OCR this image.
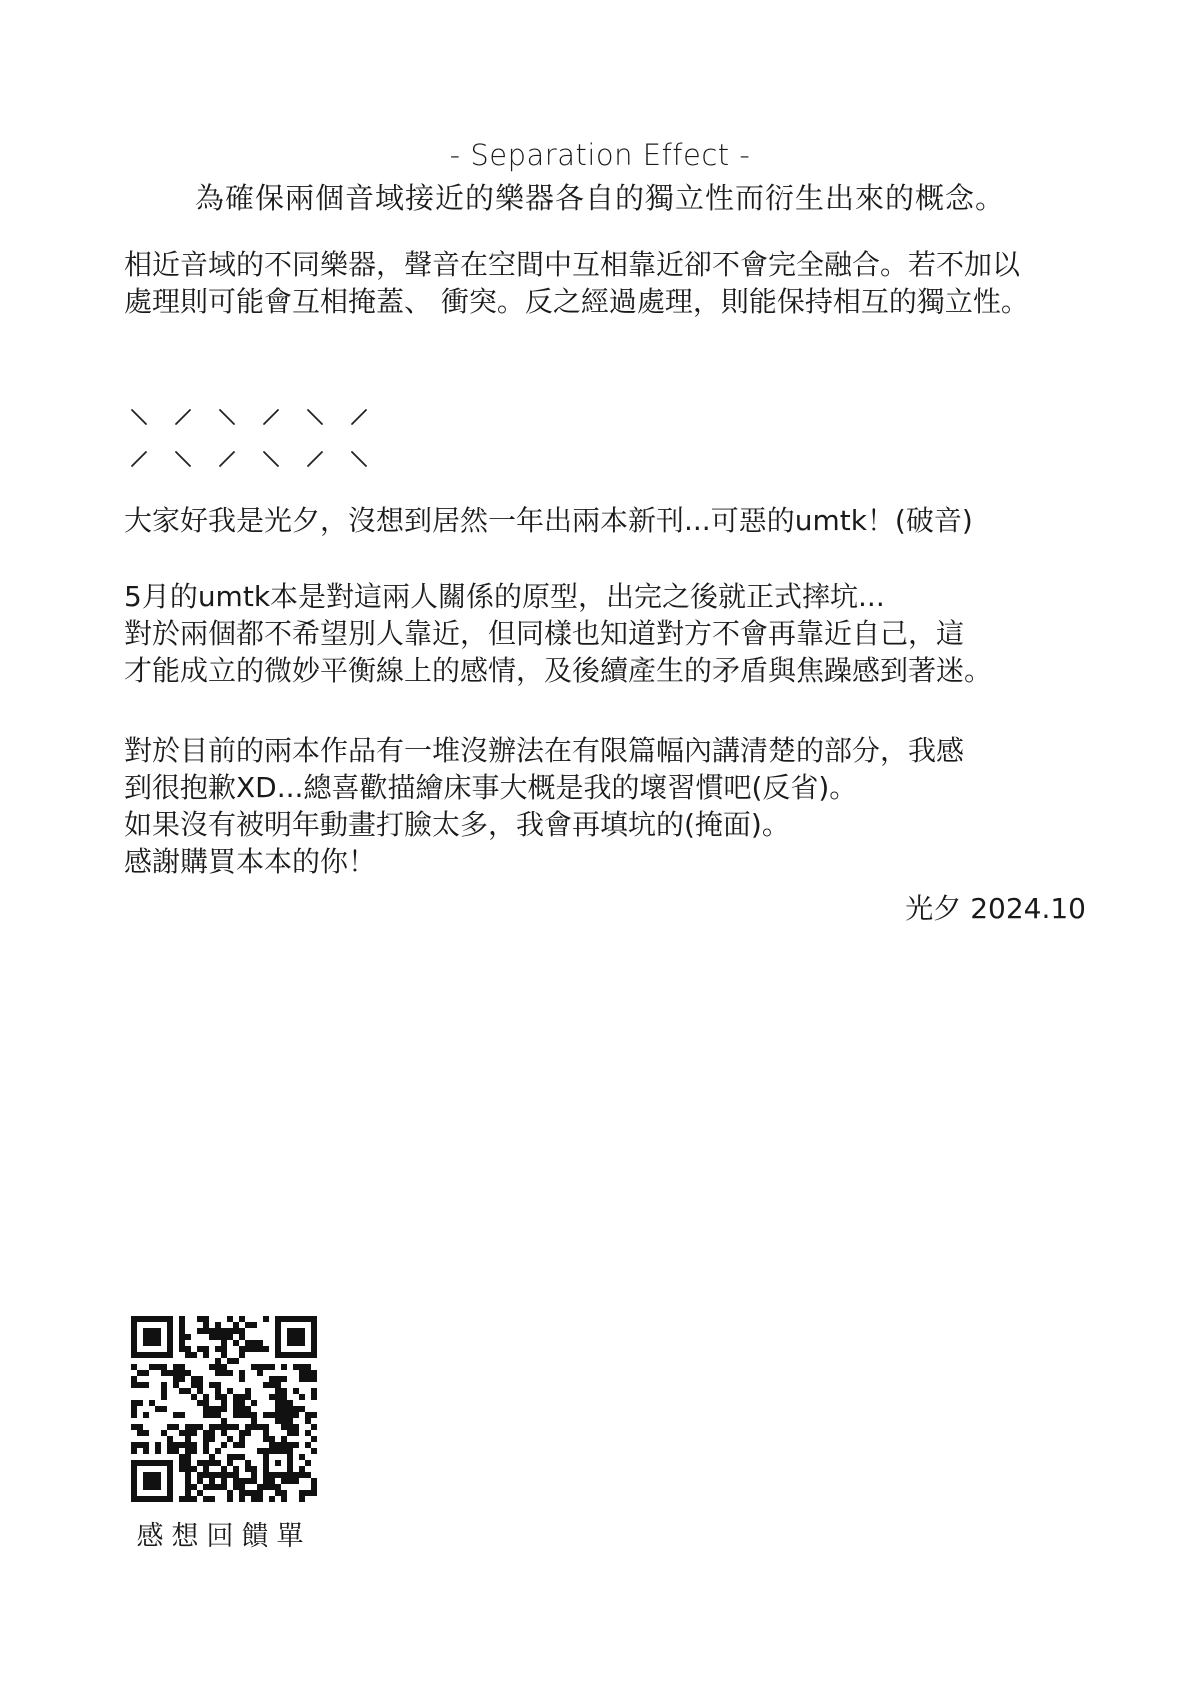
- Separation Effect -
為確保兩個音域接近的樂器各自的獨立性而衍生出來的概念。
相近音域的不同樂器，聲音在空間中互相靠近卻不會完全融合。若不加以
處理則可能會互相掩蓋、 衝突。反之經過處理，則能保持相互的獨立性。
大家好我是光夕，沒想到居然一年出兩本新刊...可惡的umtk！(破音)
5月的umtk本是對這兩人關係的原型，出完之後就正式摔坑...
對於兩個都不希望別人靠近，但同樣也知道對方不會再靠近自己，這
才能成立的微妙平衡線上的感情，及後續產生的矛盾與焦躁感到著迷。
對於目前的兩本作品有一堆沒辦法在有限篇幅內講清楚的部分，我感
到很抱歉XD...總喜歡描繪床事大概是我的壞習慣吧(反省)。
如果沒有被明年動畫打臉太多，我會再填坑的(掩面)。
感謝購買本本的你！
光夕 2024.10
感想回饋單
